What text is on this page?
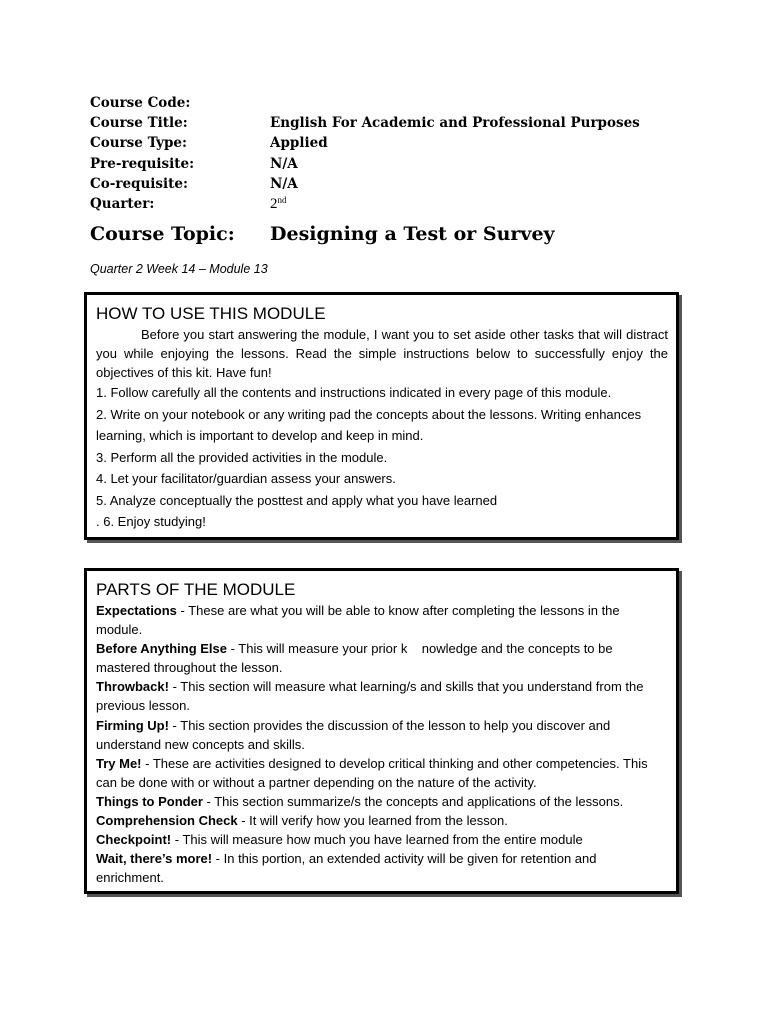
Course Code:
Course Title:	English For Academic and Professional Purposes
Course Type:	Applied
Pre-requisite:	N/A
Co-requisite:	N/A
Quarter:	2nd
Course Topic:	Designing a Test or Survey
Quarter 2 Week 14 – Module 13

HOW TO USE THIS MODULE

Before you start answering the module, I want you to set aside other tasks that will distract you while enjoying the lessons. Read the simple instructions below to successfully enjoy the objectives of this kit. Have fun!

1. Follow carefully all the contents and instructions indicated in every page of this module.

2. Write on your notebook or any writing pad the concepts about the lessons. Writing enhances learning, which is important to develop and keep in mind.

3. Perform all the provided activities in the module.

4. Let your facilitator/guardian assess your answers.

5. Analyze conceptually the posttest and apply what you have learned

. 6. Enjoy studying!

PARTS OF THE MODULE

Expectations - These are what you will be able to know after completing the lessons in the module.

Before Anything Else - This will measure your prior k    nowledge and the concepts to be mastered throughout the lesson.

Throwback! - This section will measure what learning/s and skills that you understand from the previous lesson.

Firming Up! - This section provides the discussion of the lesson to help you discover and understand new concepts and skills.

Try Me! - These are activities designed to develop critical thinking and other competencies. This can be done with or without a partner depending on the nature of the activity.

Things to Ponder - This section summarize/s the concepts and applications of the lessons.

Comprehension Check - It will verify how you learned from the lesson.

Checkpoint! - This will measure how much you have learned from the entire module

Wait, there’s more! - In this portion, an extended activity will be given for retention and enrichment.
